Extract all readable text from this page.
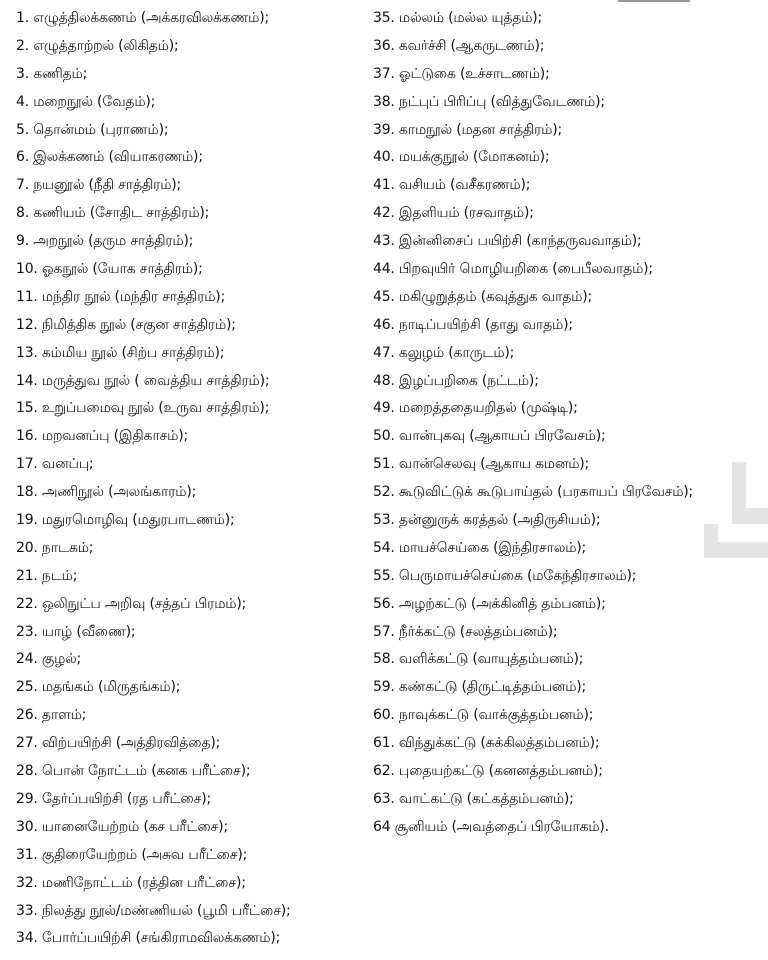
1. எழுத்திலக்கணம் (அக்கரவிலக்கணம்);
2. எழுத்தாற்றல் (லிகிதம்);
3. கணிதம்;
4. மறைநூல் (வேதம்);
5. தொன்மம் (புராணம்);
6. இலக்கணம் (வியாகரணம்);
7. நயனூல் (நீதி சாத்திரம்);
8. கணியம் (சோதிட சாத்திரம்);
9. அறநூல் (தரும சாத்திரம்);
10. ஓகநூல் (யோக சாத்திரம்);
11. மந்திர நூல் (மந்திர சாத்திரம்);
12. நிமித்திக நூல் (சகுன சாத்திரம்);
13. கம்மிய நூல் (சிற்ப சாத்திரம்);
14. மருத்துவ நூல் ( வைத்திய சாத்திரம்);
15. உறுப்பமைவு நூல் (உருவ சாத்திரம்);
16. மறவனப்பு (இதிகாசம்);
17. வனப்பு;
18. அணிநூல் (அலங்காரம்);
19. மதுரமொழிவு (மதுரபாடணம்);
20. நாடகம்;
21. நடம்;
22. ஒலிநுட்ப அறிவு (சத்தப் பிரமம்);
23. யாழ் (வீணை);
24. குழல்;
25. மதங்கம் (மிருதங்கம்);
26. தாளம்;
27. விற்பயிற்சி (அத்திரவித்தை);
28. பொன் நோட்டம் (கனக பரீட்சை);
29. தேர்ப்பயிற்சி (ரத பரீட்சை);
30. யானையேற்றம் (கச பரீட்சை);
31. குதிரையேற்றம் (அசுவ பரீட்சை);
32. மணிநோட்டம் (ரத்தின பரீட்சை);
33. நிலத்து நூல்/மண்ணியல் (பூமி பரீட்சை);
34. போர்ப்பயிற்சி (சங்கிராமவிலக்கணம்);
35. மல்லம் (மல்ல யுத்தம்);
36. கவர்ச்சி (ஆகருடணம்);
37. ஓட்டுகை (உச்சாடணம்);
38. நட்புப் பிரிப்பு (வித்துவேடணம்);
39. காமநூல் (மதன சாத்திரம்);
40. மயக்குநூல் (மோகனம்);
41. வசியம் (வசீகரணம்);
42. இதளியம் (ரசவாதம்);
43. இன்னிசைப் பயிற்சி (காந்தருவவாதம்);
44. பிறவுயிர் மொழியறிகை (பைபீலவாதம்);
45. மகிழுறுத்தம் (கவுத்துக வாதம்);
46. நாடிப்பயிற்சி (தாது வாதம்);
47. கலுழம் (காருடம்);
48. இழப்பறிகை (நட்டம்);
49. மறைத்ததையறிதல் (முஷ்டி);
50. வான்புகவு (ஆகாயப் பிரவேசம்);
51. வான்செலவு (ஆகாய கமனம்);
52. கூடுவிட்டுக் கூடுபாய்தல் (பரகாயப் பிரவேசம்);
53. தன்னுருக் கரத்தல் (அதிருசியம்);
54. மாயச்செய்கை (இந்திரசாலம்);
55. பெருமாயச்செய்கை (மகேந்திரசாலம்);
56. அழற்கட்டு (அக்கினித் தம்பனம்);
57. நீர்க்கட்டு (சலத்தம்பனம்);
58. வளிக்கட்டு (வாயுத்தம்பனம்);
59. கண்கட்டு (திருட்டித்தம்பனம்);
60. நாவுக்கட்டு (வாக்குத்தம்பனம்);
61. விந்துக்கட்டு (சுக்கிலத்தம்பனம்);
62. புதையற்கட்டு (கனனத்தம்பனம்);
63. வாட்கட்டு (கட்கத்தம்பனம்);
64 சூனியம் (அவத்தைப் பிரயோகம்).
